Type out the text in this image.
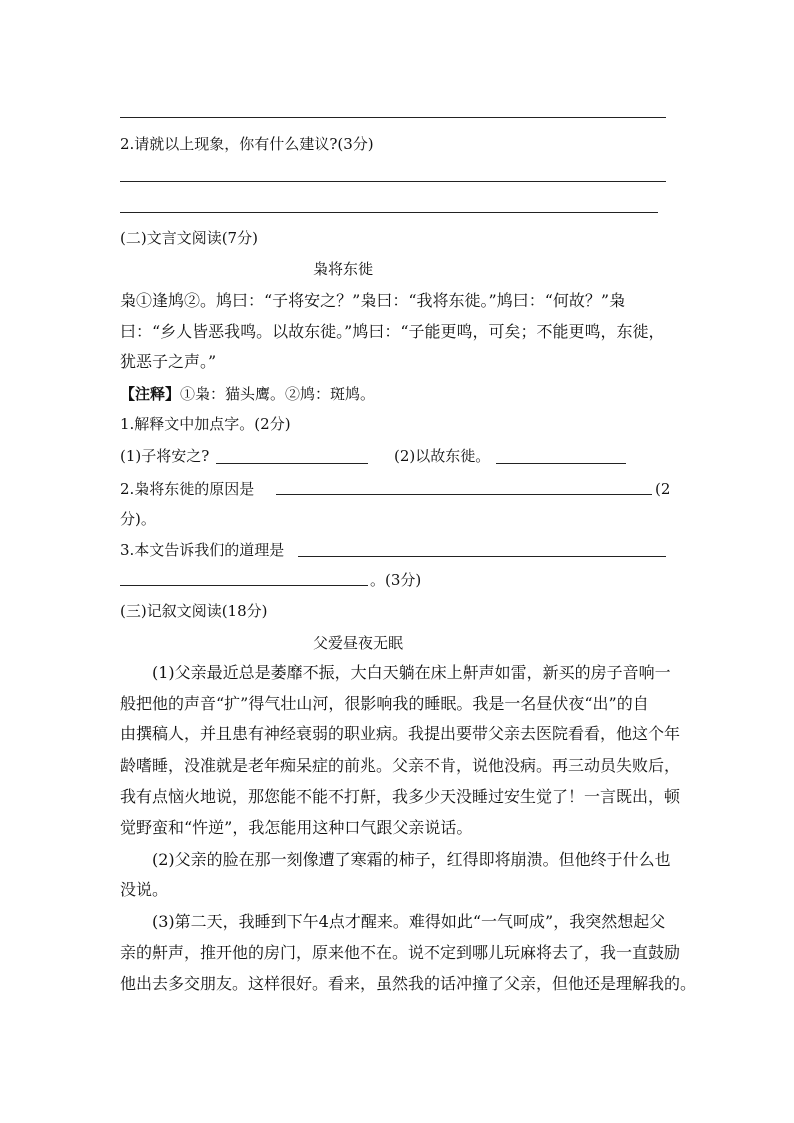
2.请就以上现象，你有什么建议?(3分)
(二)文言文阅读(7分)
枭将东徙
枭①逢鸠②。鸠曰：“子将安之？”枭曰：“我将东徙。”鸠曰：“何故？”枭
曰：“乡人皆恶我鸣。以故东徙。”鸠曰：“子能更鸣，可矣；不能更鸣，东徙，
犹恶子之声。”
【注释】①枭：猫头鹰。②鸠：斑鸠。
1.解释文中加点字。(2分)
(1)子将安之?	(2)以故东徙。
2.枭将东徙的原因是	(2
分)。
3.本文告诉我们的道理是
。(3分)
(三)记叙文阅读(18分)
父爱昼夜无眠
(1)父亲最近总是萎靡不振，大白天躺在床上鼾声如雷，新买的房子音响一
般把他的声音“扩”得气壮山河，很影响我的睡眠。我是一名昼伏夜“出”的自
由撰稿人，并且患有神经衰弱的职业病。我提出要带父亲去医院看看，他这个年
龄嗜睡，没准就是老年痴呆症的前兆。父亲不肯，说他没病。再三动员失败后，
我有点恼火地说，那您能不能不打鼾，我多少天没睡过安生觉了！一言既出，顿
觉野蛮和“忤逆”，我怎能用这种口气跟父亲说话。
(2)父亲的脸在那一刻像遭了寒霜的柿子，红得即将崩溃。但他终于什么也
没说。
(3)第二天，我睡到下午4点才醒来。难得如此“一气呵成”，我突然想起父
亲的鼾声，推开他的房门，原来他不在。说不定到哪儿玩麻将去了，我一直鼓励
他出去多交朋友。这样很好。看来，虽然我的话冲撞了父亲，但他还是理解我的。
